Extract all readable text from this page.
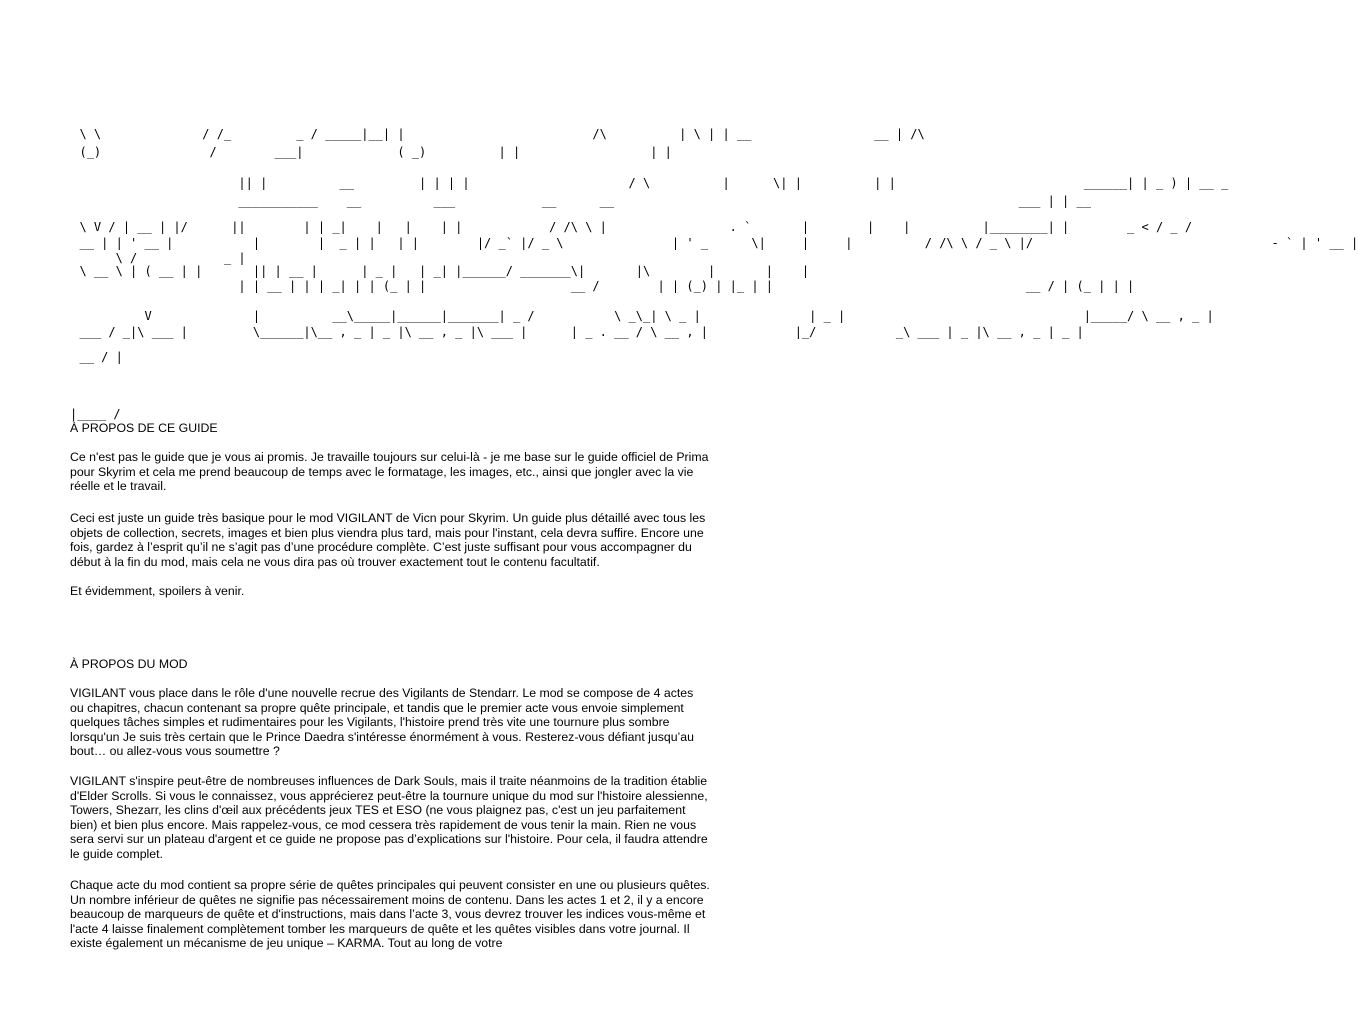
\ \              / /_         _ / _____|__| |                          /\          | \ | | __                 __ | /\
(_)               /        ___|             ( _)          | |                  | |
|| |          __         | | | |                      / \          |      \| |          | |                          ______| | _ ) | __ _
___________    __          ___            __      __                                                        ___ | | __
\ V / | __ | |/      ||        | | _|    |   |    | |            / /\ \ |                 . `       |        |    |          |________| |        _ < / _ /
__ | | ' __ |           |        |  _ | |   | |        |/ _` |/ _ \               | ' _      \|     |     |          / /\ \ / _ \ |/                                 - ` | ' __ |
\ /            _ |
\ __ \ | ( __ | |       || | __ |      | _ |   | _| |______/ _______\|       |\        |       |    |
| | __ | | | _| | | (_ | |                    __ /        | | (_) | |_ | |                                   __ / | (_ | | |
V              |          __\_____|______|_______| _ /           \ _\_| \ _ |               | _ |                                 |_____/ \ __ , _ |
___ / _|\ ___ |         \______|\__ , _ | _ |\ __ , _ |\ ___ |      | _ . __ / \ __ , |            |_/           _\ ___ | _ |\ __ , _ | _ |
__ / |
|____ /
À PROPOS DE CE GUIDE

Ce n'est pas le guide que je vous ai promis. Je travaille toujours sur celui-là - je me base sur le guide officiel de Prima pour Skyrim et cela me prend beaucoup de temps avec le formatage, les images, etc., ainsi que jongler avec la vie réelle et le travail.

Ceci est juste un guide très basique pour le mod VIGILANT de Vicn pour Skyrim. Un guide plus détaillé avec tous les objets de collection, secrets, images et bien plus viendra plus tard, mais pour l'instant, cela devra suffire. Encore une fois, gardez à l’esprit qu’il ne s’agit pas d’une procédure complète. C’est juste suffisant pour vous accompagner du début à la fin du mod, mais cela ne vous dira pas où trouver exactement tout le contenu facultatif.

Et évidemment, spoilers à venir.

À PROPOS DU MOD

VIGILANT vous place dans le rôle d'une nouvelle recrue des Vigilants de Stendarr. Le mod se compose de 4 actes ou chapitres, chacun contenant sa propre quête principale, et tandis que le premier acte vous envoie simplement quelques tâches simples et rudimentaires pour les Vigilants, l'histoire prend très vite une tournure plus sombre lorsqu'un Je suis très certain que le Prince Daedra s'intéresse énormément à vous. Resterez-vous défiant jusqu’au bout… ou allez-vous vous soumettre ?

VIGILANT s'inspire peut-être de nombreuses influences de Dark Souls, mais il traite néanmoins de la tradition établie d'Elder Scrolls. Si vous le connaissez, vous apprécierez peut-être la tournure unique du mod sur l'histoire alessienne, Towers, Shezarr, les clins d'œil aux précédents jeux TES et ESO (ne vous plaignez pas, c'est un jeu parfaitement bien) et bien plus encore. Mais rappelez-vous, ce mod cessera très rapidement de vous tenir la main. Rien ne vous sera servi sur un plateau d'argent et ce guide ne propose pas d’explications sur l'histoire. Pour cela, il faudra attendre le guide complet.

Chaque acte du mod contient sa propre série de quêtes principales qui peuvent consister en une ou plusieurs quêtes. Un nombre inférieur de quêtes ne signifie pas nécessairement moins de contenu. Dans les actes 1 et 2, il y a encore beaucoup de marqueurs de quête et d'instructions, mais dans l’acte 3, vous devrez trouver les indices vous-même et l'acte 4 laisse finalement complètement tomber les marqueurs de quête et les quêtes visibles dans votre journal. Il existe également un mécanisme de jeu unique – KARMA. Tout au long de votre
